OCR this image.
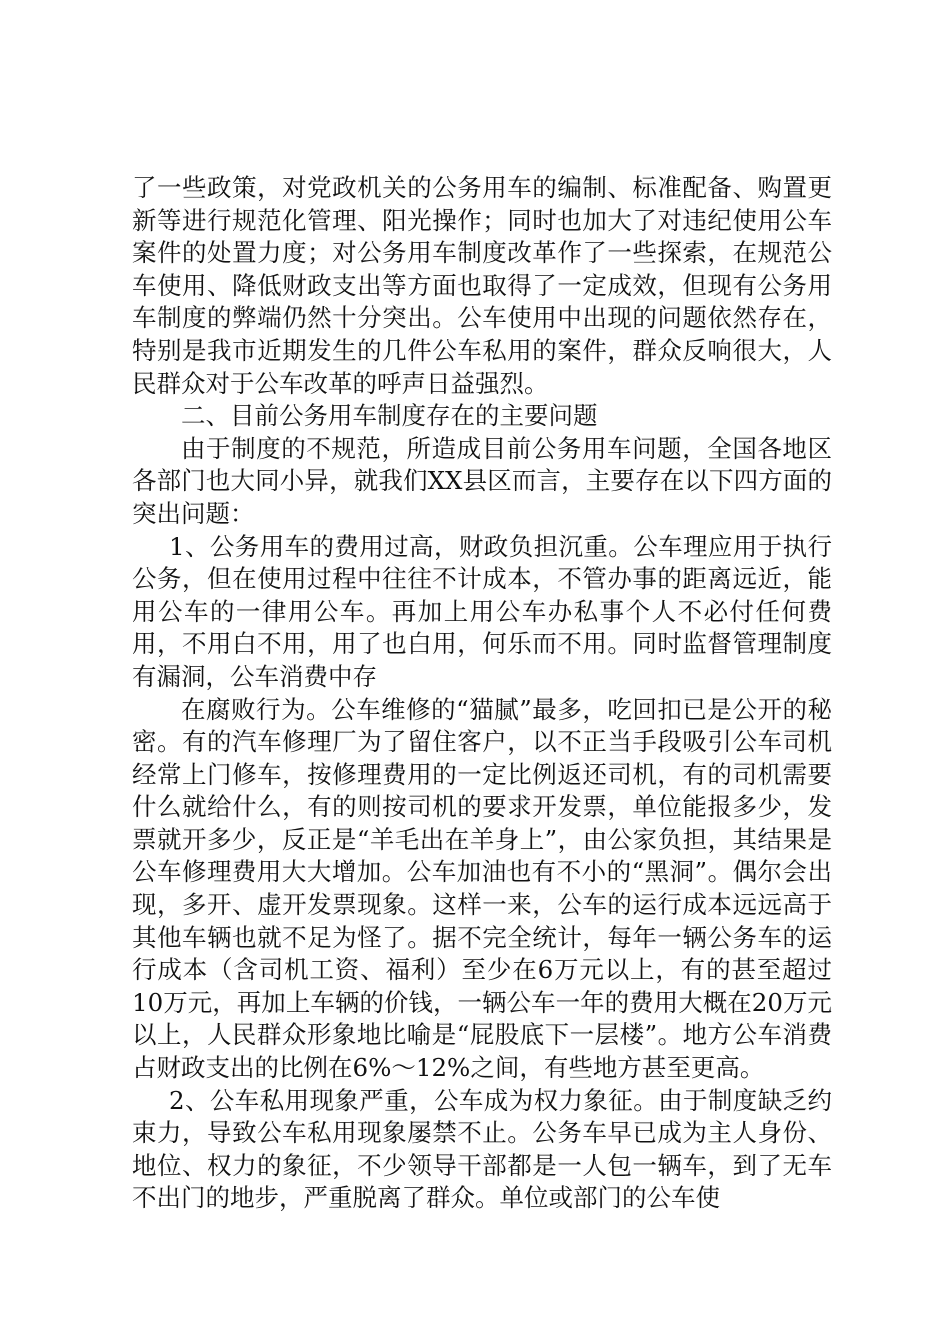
了一些政策，对党政机关的公务用车的编制、标准配备、购置更新等进行规范化管理、阳光操作；同时也加大了对违纪使用公车案件的处置力度；对公务用车制度改革作了一些探索，在规范公车使用、降低财政支出等方面也取得了一定成效，但现有公务用车制度的弊端仍然十分突出。公车使用中出现的问题依然存在，特别是我市近期发生的几件公车私用的案件，群众反响很大，人民群众对于公车改革的呼声日益强烈。

二、目前公务用车制度存在的主要问题

由于制度的不规范，所造成目前公务用车问题，全国各地区各部门也大同小异，就我们XX县区而言，主要存在以下四方面的突出问题：

1、公务用车的费用过高，财政负担沉重。公车理应用于执行公务，但在使用过程中往往不计成本，不管办事的距离远近，能用公车的一律用公车。再加上用公车办私事个人不必付任何费用，不用白不用，用了也白用，何乐而不用。同时监督管理制度有漏洞，公车消费中存

在腐败行为。公车维修的“猫腻”最多，吃回扣已是公开的秘密。有的汽车修理厂为了留住客户，以不正当手段吸引公车司机经常上门修车，按修理费用的一定比例返还司机，有的司机需要什么就给什么，有的则按司机的要求开发票，单位能报多少，发票就开多少，反正是“羊毛出在羊身上”，由公家负担，其结果是公车修理费用大大增加。公车加油也有不小的“黑洞”。偶尔会出现，多开、虚开发票现象。这样一来，公车的运行成本远远高于其他车辆也就不足为怪了。据不完全统计，每年一辆公务车的运行成本（含司机工资、福利）至少在6万元以上，有的甚至超过10万元，再加上车辆的价钱，一辆公车一年的费用大概在20万元以上，人民群众形象地比喻是“屁股底下一层楼”。地方公车消费占财政支出的比例在6%～12%之间，有些地方甚至更高。

2、公车私用现象严重，公车成为权力象征。由于制度缺乏约束力，导致公车私用现象屡禁不止。公务车早已成为主人身份、地位、权力的象征，不少领导干部都是一人包一辆车，到了无车不出门的地步，严重脱离了群众。单位或部门的公车使
